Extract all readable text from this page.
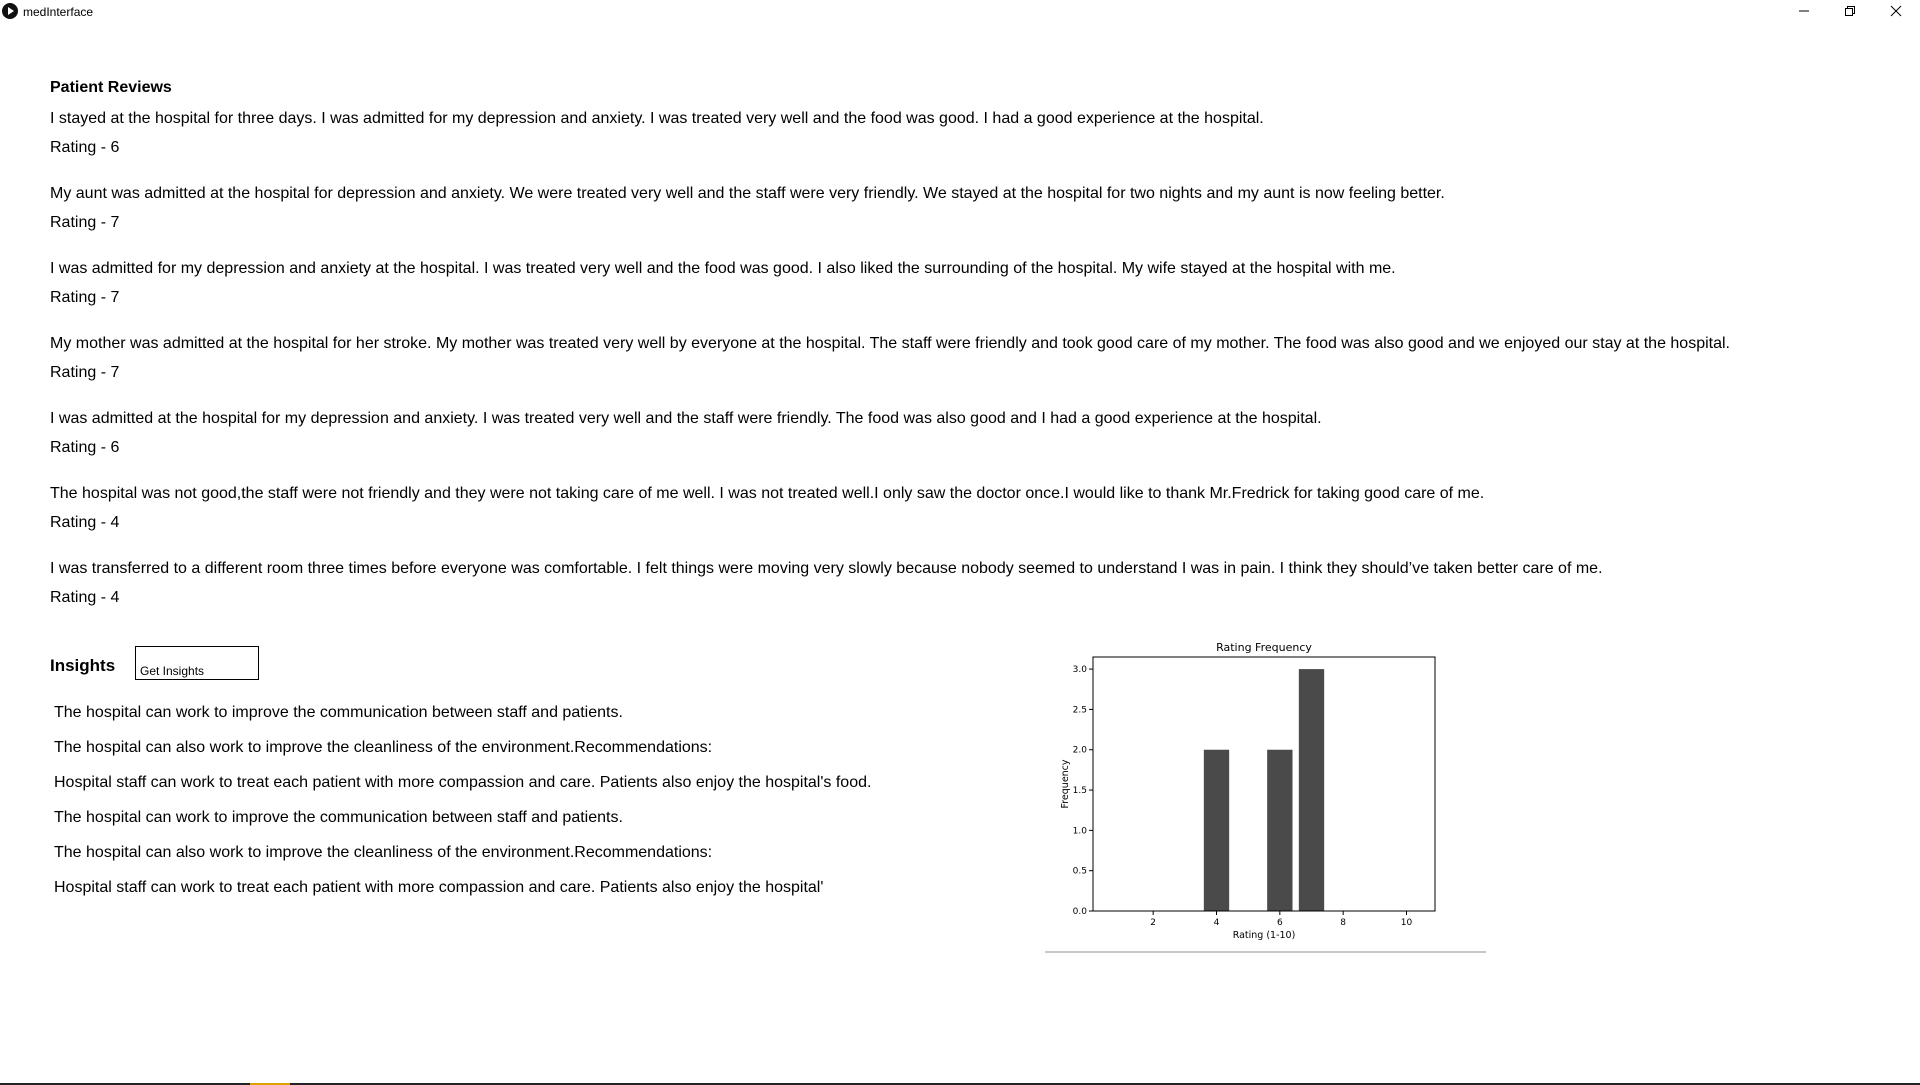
medInterface
Patient Reviews
I stayed at the hospital for three days. I was admitted for my depression and anxiety. I was treated very well and the food was good. I had a good experience at the hospital.
Rating - 6
My aunt was admitted at the hospital for depression and anxiety. We were treated very well and the staff were very friendly. We stayed at the hospital for two nights and my aunt is now feeling better.
Rating - 7
I was admitted for my depression and anxiety at the hospital. I was treated very well and the food was good. I also liked the surrounding of the hospital. My wife stayed at the hospital with me.
Rating - 7
My mother was admitted at the hospital for her stroke. My mother was treated very well by everyone at the hospital. The staff were friendly and took good care of my mother. The food was also good and we enjoyed our stay at the hospital.
Rating - 7
I was admitted at the hospital for my depression and anxiety. I was treated very well and the staff were friendly. The food was also good and I had a good experience at the hospital.
Rating - 6
The hospital was not good,the staff were not friendly and they were not taking care of me well. I was not treated well.I only saw the doctor once.I would like to thank Mr.Fredrick for taking good care of me.
Rating - 4
I was transferred to a different room three times before everyone was comfortable. I felt things were moving very slowly because nobody seemed to understand I was in pain. I think they should’ve taken better care of me.
Rating - 4
Insights	Get Insights
The hospital can work to improve the communication between staff and patients.
The hospital can also work to improve the cleanliness of the environment.Recommendations:
Hospital staff can work to treat each patient with more compassion and care. Patients also enjoy the hospital's food.
The hospital can work to improve the communication between staff and patients.
The hospital can also work to improve the cleanliness of the environment.Recommendations:
Hospital staff can work to treat each patient with more compassion and care. Patients also enjoy the hospital'
Rating Frequency
2	4	6	8	10
0.0
0.5
1.0
1.5
2.0
2.5
3.0
Rating (1-10)
Frequency
